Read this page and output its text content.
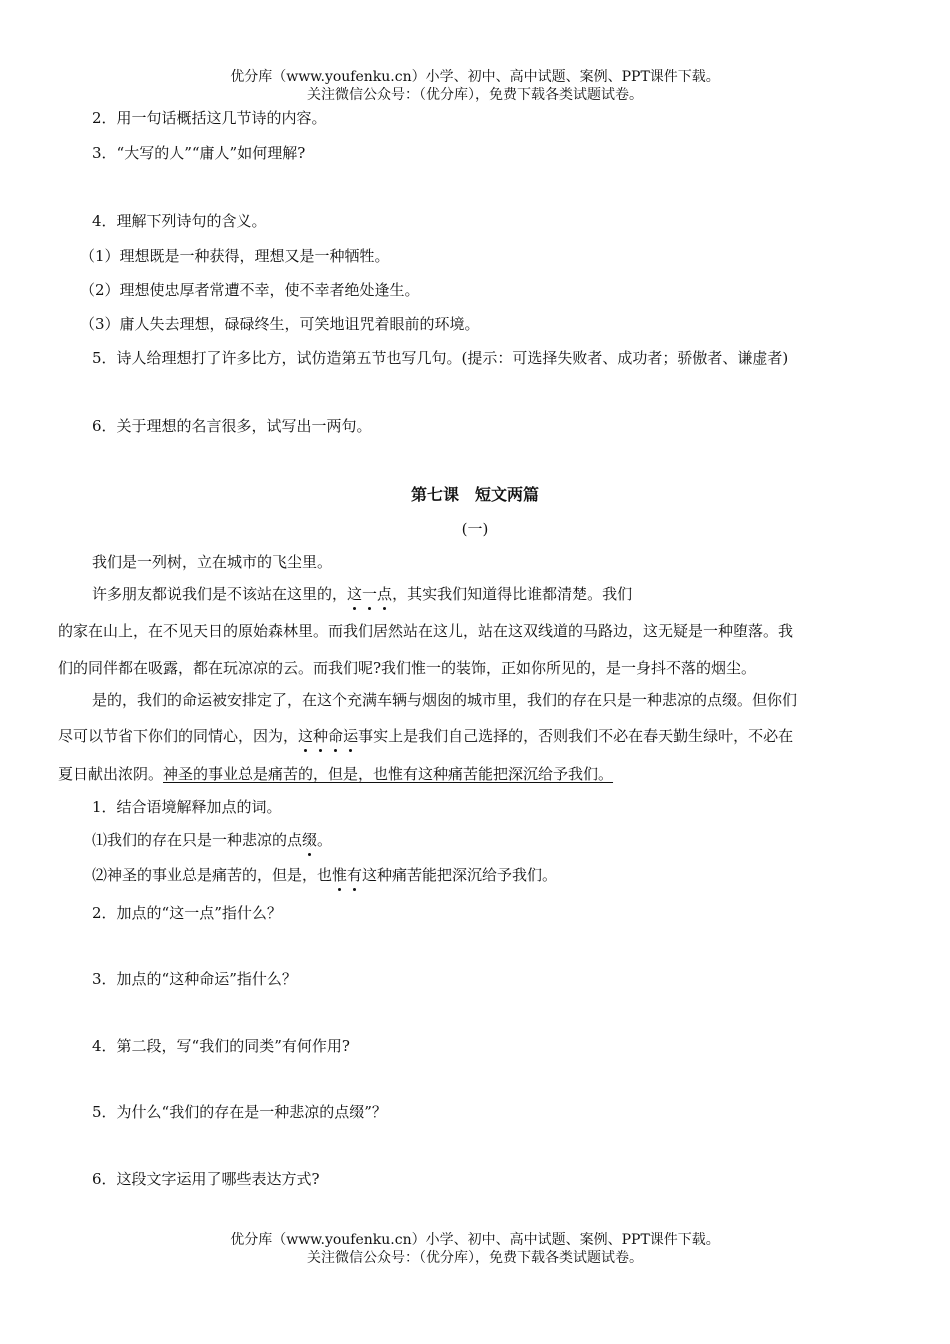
优分库（www.youfenku.cn）小学、初中、高中试题、案例、PPT课件下载。
关注微信公众号：（优分库），免费下载各类试题试卷。
2．用一句话概括这几节诗的内容。
3．“大写的人”“庸人”如何理解?
4．理解下列诗句的含义。
（1）理想既是一种获得，理想又是一种牺牲。
（2）理想使忠厚者常遭不幸，使不幸者绝处逢生。
（3）庸人失去理想，碌碌终生，可笑地诅咒着眼前的环境。
5．诗人给理想打了许多比方，试仿造第五节也写几句。(提示：可选择失败者、成功者；骄傲者、谦虚者)
6．关于理想的名言很多，试写出一两句。
第七课　短文两篇
(一)
我们是一列树，立在城市的飞尘里。
许多朋友都说我们是不该站在这里的，这一点，其实我们知道得比谁都清楚。我们
的家在山上，在不见天日的原始森林里。而我们居然站在这儿，站在这双线道的马路边，这无疑是一种堕落。我
们的同伴都在吸露，都在玩凉凉的云。而我们呢?我们惟一的装饰，正如你所见的，是一身抖不落的烟尘。
是的，我们的命运被安排定了，在这个充满车辆与烟囱的城市里，我们的存在只是一种悲凉的点缀。但你们
尽可以节省下你们的同情心，因为，这种命运事实上是我们自己选择的，否则我们不必在春天勤生绿叶，不必在
夏日献出浓阴。神圣的事业总是痛苦的，但是，也惟有这种痛苦能把深沉给予我们。
1．结合语境解释加点的词。
⑴我们的存在只是一种悲凉的点缀。
⑵神圣的事业总是痛苦的，但是，也惟有这种痛苦能把深沉给予我们。
2．加点的“这一点”指什么？
3．加点的“这种命运”指什么？
4．第二段，写“我们的同类”有何作用?
5．为什么“我们的存在是一种悲凉的点缀”？
6．这段文字运用了哪些表达方式?
优分库（www.youfenku.cn）小学、初中、高中试题、案例、PPT课件下载。
关注微信公众号：（优分库），免费下载各类试题试卷。
